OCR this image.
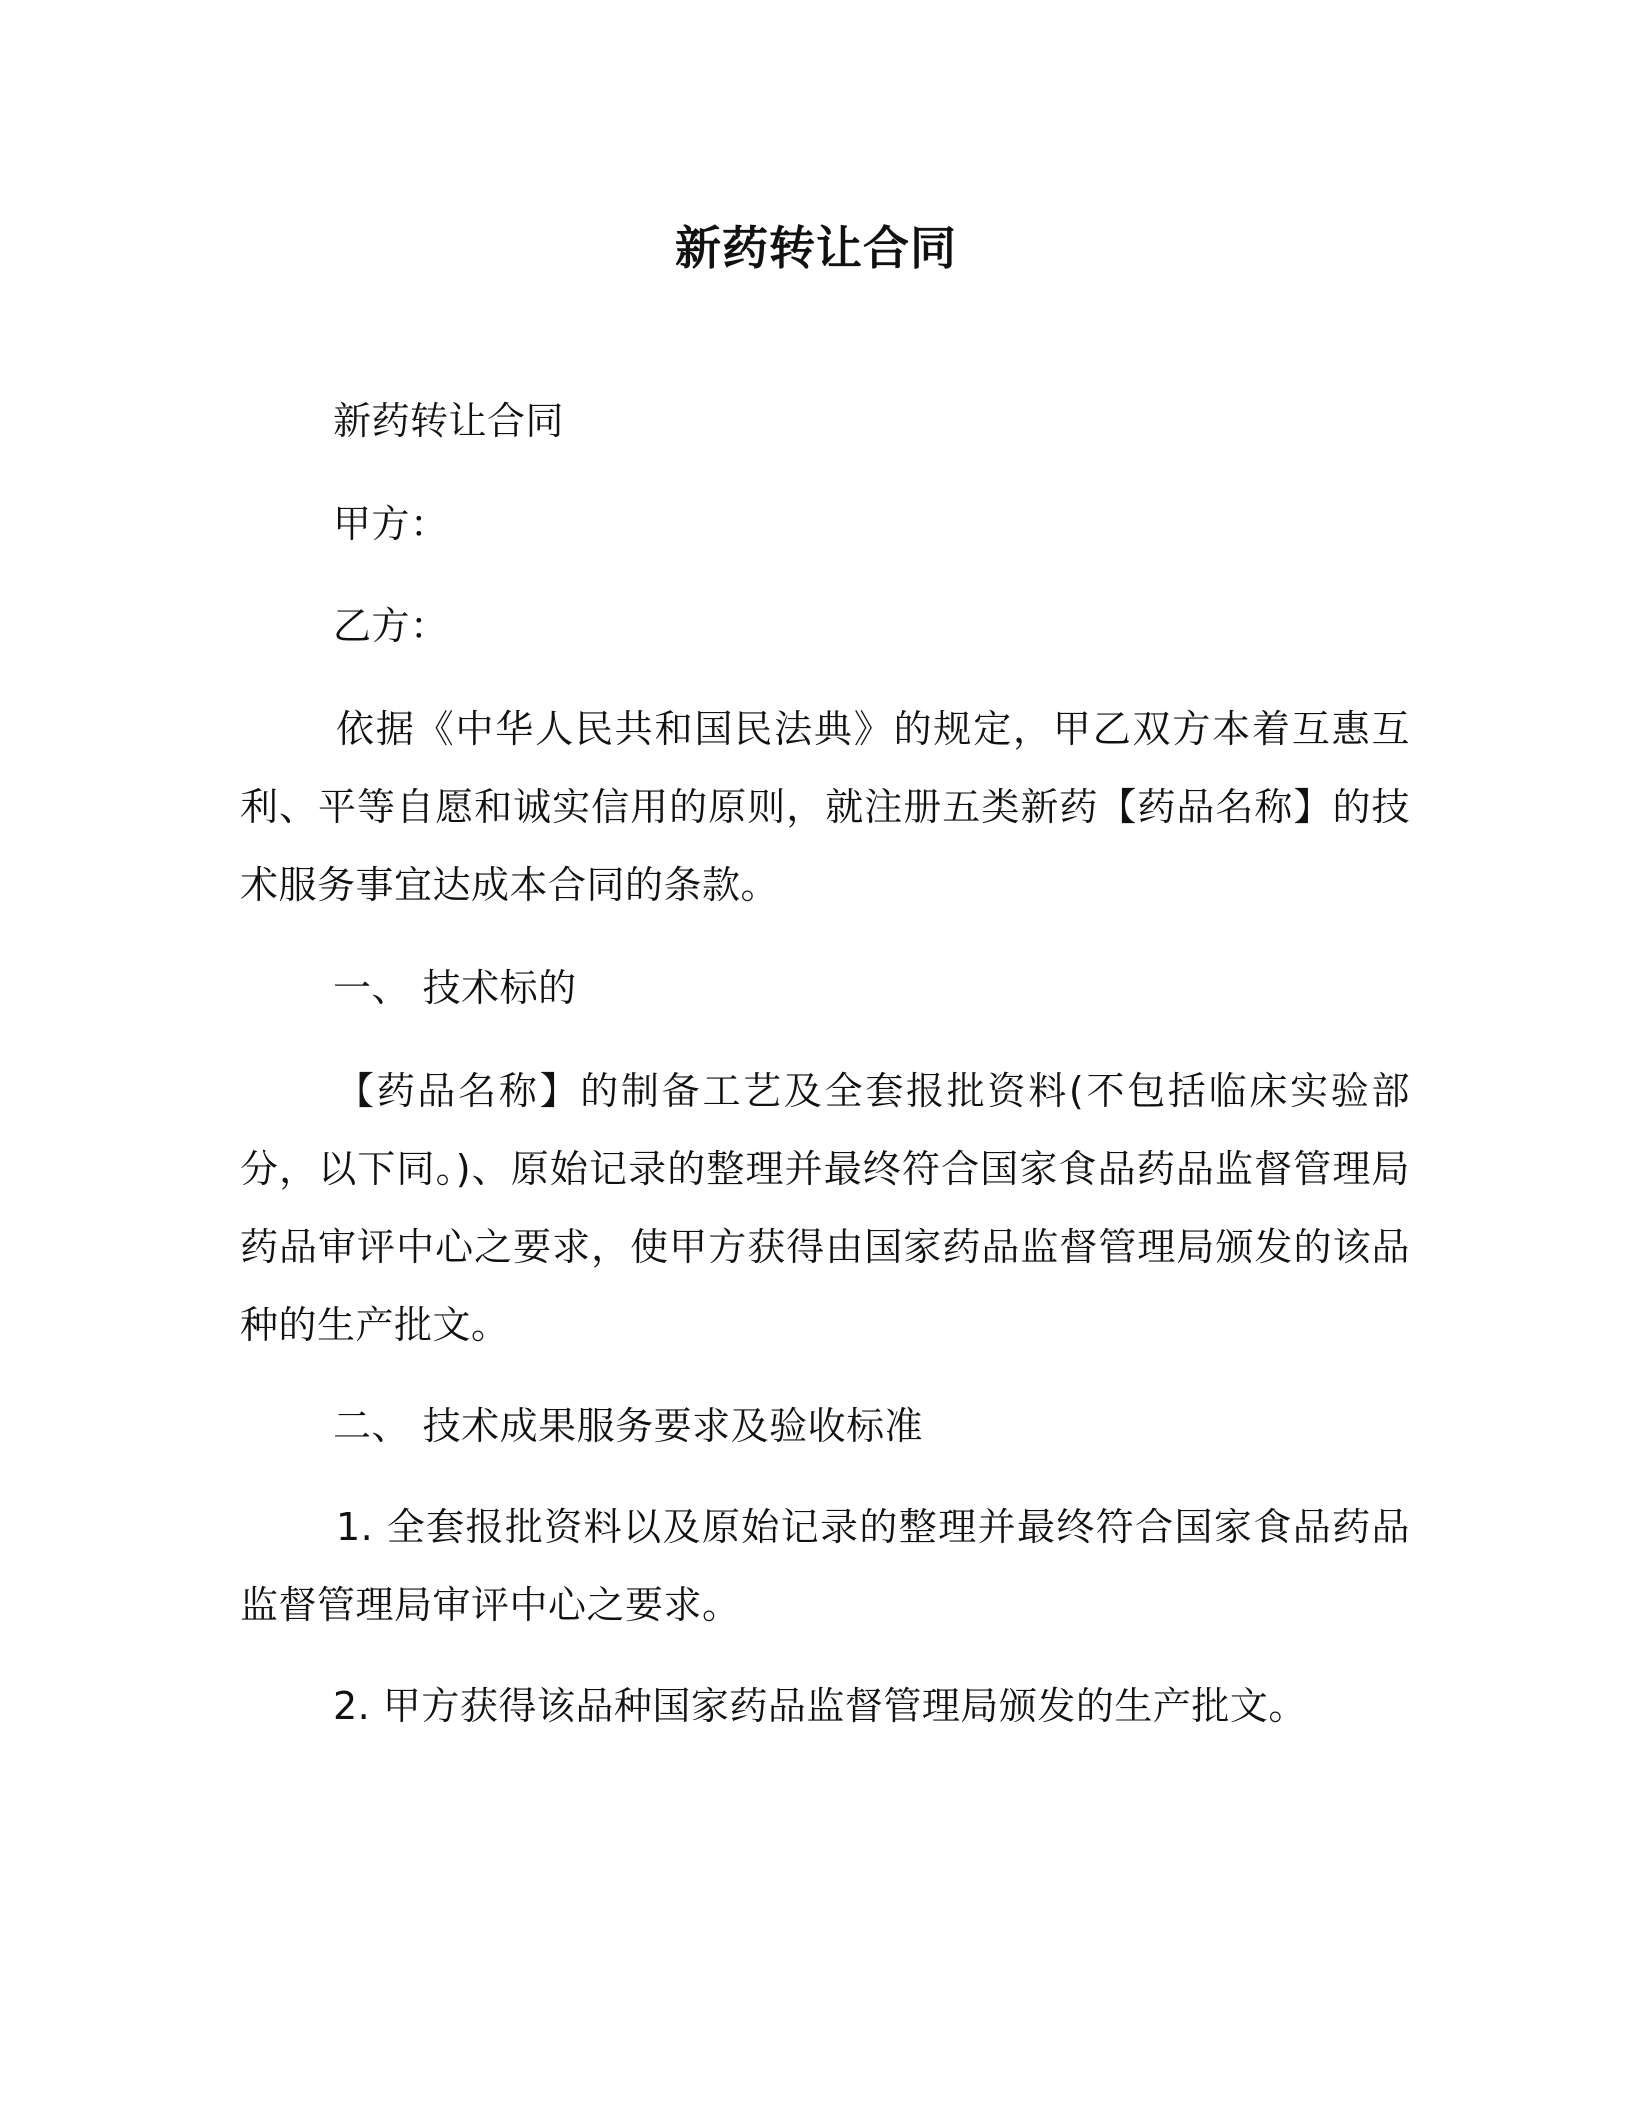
新药转让合同
新药转让合同
甲方：
乙方：
依据《中华人民共和国民法典》的规定，甲乙双方本着互惠互利、平等自愿和诚实信用的原则，就注册五类新药【药品名称】的技术服务事宜达成本合同的条款。
一、 技术标的
【药品名称】的制备工艺及全套报批资料(不包括临床实验部分，以下同。)、原始记录的整理并最终符合国家食品药品监督管理局药品审评中心之要求，使甲方获得由国家药品监督管理局颁发的该品种的生产批文。
二、 技术成果服务要求及验收标准
1. 全套报批资料以及原始记录的整理并最终符合国家食品药品监督管理局审评中心之要求。
2. 甲方获得该品种国家药品监督管理局颁发的生产批文。
